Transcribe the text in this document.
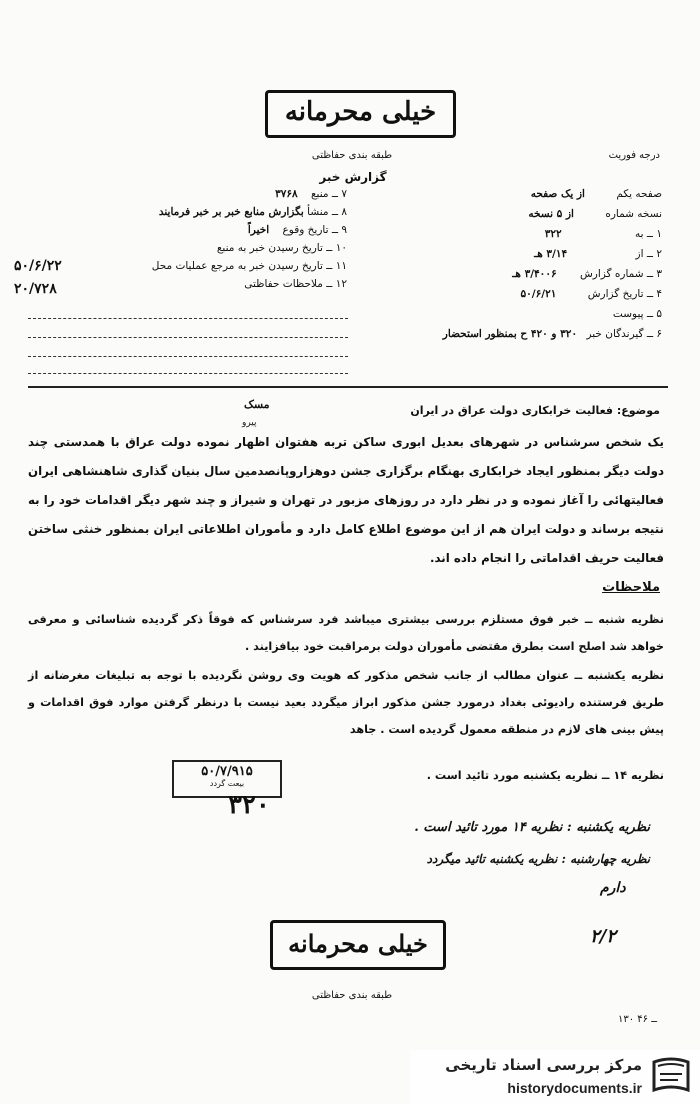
خیلی محرمانه
طبقه بندی حفاظتی
گزارش خبر
درجه فوریت
صفحه یکم از یک صفحه
نسخه شماره از ۵ نسخه
۱ ــ به ۳۲۲
۲ ــ از ۳/۱۴ هـ
۳ ــ شماره گزارش ۳/۴۰۰۶ هـ
۴ ــ تاریخ گزارش ۵۰/۶/۲۱
۵ ــ پیوست
۶ ــ گیرندگان خبر ۳۲۰ و ۴۲۰ ح بمنظور استحضار
۷ ــ منبع ۳۷۶۸
۸ ــ منشأ بگزارش منابع خبر بر خبر فرمایند
۹ ــ تاریخ وقوع اخیراً
۱۰ ــ تاریخ رسیدن خبر به منبع
۱۱ ــ تاریخ رسیدن خبر به مرجع عملیات محل
۱۲ ــ ملاحظات حفاظتی
۵۰/۶/۲۲
۲۰/۷۲۸
مسک	موضوع: فعالیت خرابکاری دولت عراق در ایران
پیرو
یک شخص سرشناس در شهرهای بعدیل ابوری ساکن تربه هفتوان اظهار نموده دولت عراق با همدستی چند دولت دیگر بمنظور ایجاد خرابکاری بهنگام برگزاری جشن دوهزاروپانصدمین سال بنیان گذاری شاهنشاهی ایران فعالیتهائی را آغاز نموده و در نظر دارد در روزهای مزبور در تهران و شیراز و چند شهر دیگر اقدامات خود را به نتیجه برساند و دولت ایران هم از این موضوع اطلاع کامل دارد و مأموران اطلاعاتی ایران بمنظور خنثی ساختن فعالیت حریف اقداماتی را انجام داده اند.
ملاحظات
نظریه شنبه ــ خبر فوق مستلزم بررسی بیشتری میباشد فرد سرشناس که فوقاً ذکر گردیده شناسائی و معرفی خواهد شد اصلح است بطرق مقتضی مأموران دولت برمراقبت خود بیافزایند .
نظریه یکشنبه ــ عنوان مطالب از جانب شخص مذکور که هویت وی روشن نگردیده با توجه به تبلیغات مغرضانه از طریق فرستنده رادیوئی بغداد درمورد جشن مذکور ابراز میگردد بعید نیست با درنظر گرفتن موارد فوق اقدامات و پیش بینی های لازم در منطقه معمول گردیده است . جاهد
نظریه ۱۴ ــ نظریه یکشنبه مورد تائید است .
۵۰/۷/۹۱۵
بیعت گردد
۳۲۰
نظریه یکشنبه : نظریه ۱۴ مورد تائید است .
نظریه چهارشنبه : نظریه یکشنبه تائید میگردد
دارم
۲/۲
خیلی محرمانه
طبقه بندی حفاظتی
۱۳۰ ــ ۴۶
مرکز بررسی اسناد تاریخی
historydocuments.ir
